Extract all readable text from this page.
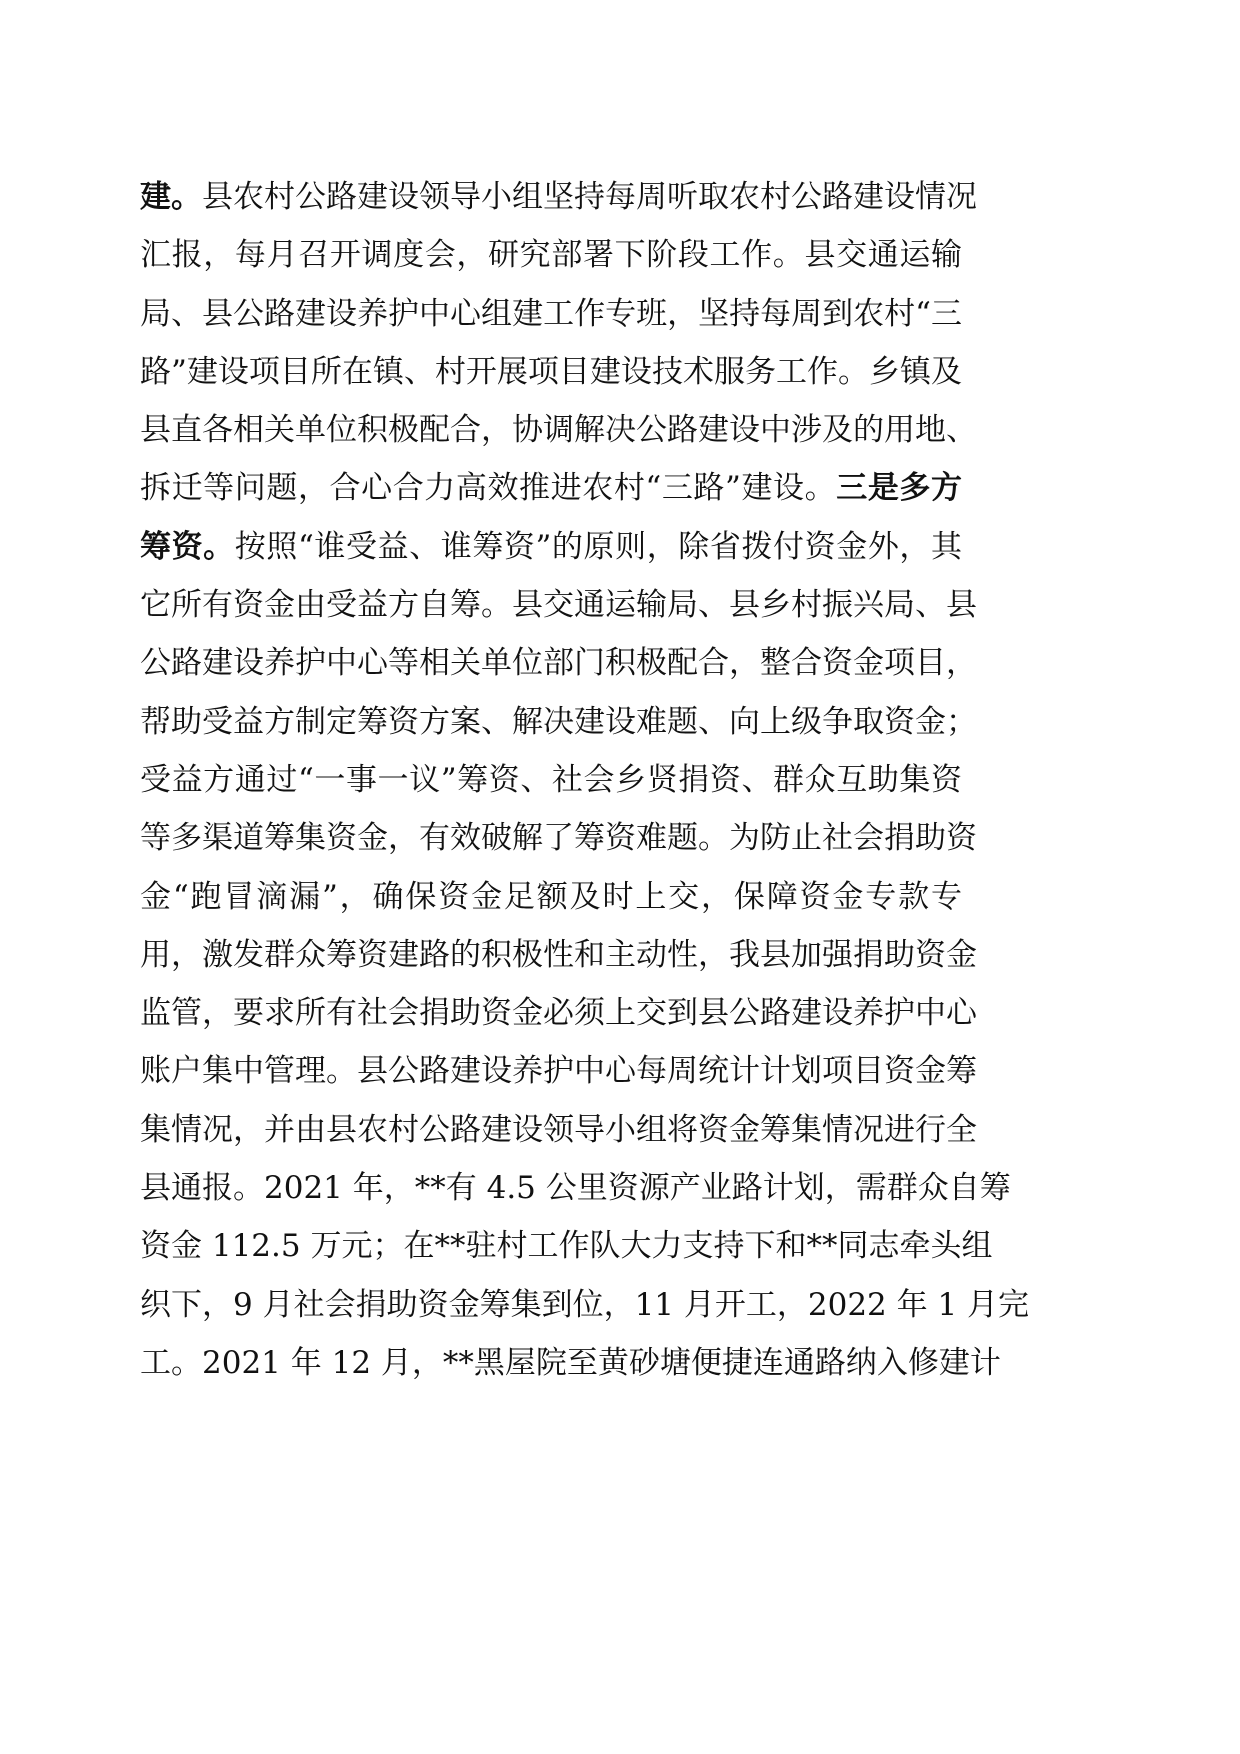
建。县农村公路建设领导小组坚持每周听取农村公路建设情况
汇报，每月召开调度会，研究部署下阶段工作。县交通运输
局、县公路建设养护中心组建工作专班，坚持每周到农村“三
路”建设项目所在镇、村开展项目建设技术服务工作。乡镇及
县直各相关单位积极配合，协调解决公路建设中涉及的用地、
拆迁等问题，合心合力高效推进农村“三路”建设。三是多方
筹资。按照“谁受益、谁筹资”的原则，除省拨付资金外，其
它所有资金由受益方自筹。县交通运输局、县乡村振兴局、县
公路建设养护中心等相关单位部门积极配合，整合资金项目，
帮助受益方制定筹资方案、解决建设难题、向上级争取资金；
受益方通过“一事一议”筹资、社会乡贤捐资、群众互助集资
等多渠道筹集资金，有效破解了筹资难题。为防止社会捐助资
金“跑冒滴漏”，确保资金足额及时上交，保障资金专款专
用，激发群众筹资建路的积极性和主动性，我县加强捐助资金
监管，要求所有社会捐助资金必须上交到县公路建设养护中心
账户集中管理。县公路建设养护中心每周统计计划项目资金筹
集情况，并由县农村公路建设领导小组将资金筹集情况进行全
县通报。2021 年，**有 4.5 公里资源产业路计划，需群众自筹
资金 112.5 万元；在**驻村工作队大力支持下和**同志牵头组
织下，9 月社会捐助资金筹集到位，11 月开工，2022 年 1 月完
工。2021 年 12 月，**黑屋院至黄砂塘便捷连通路纳入修建计
